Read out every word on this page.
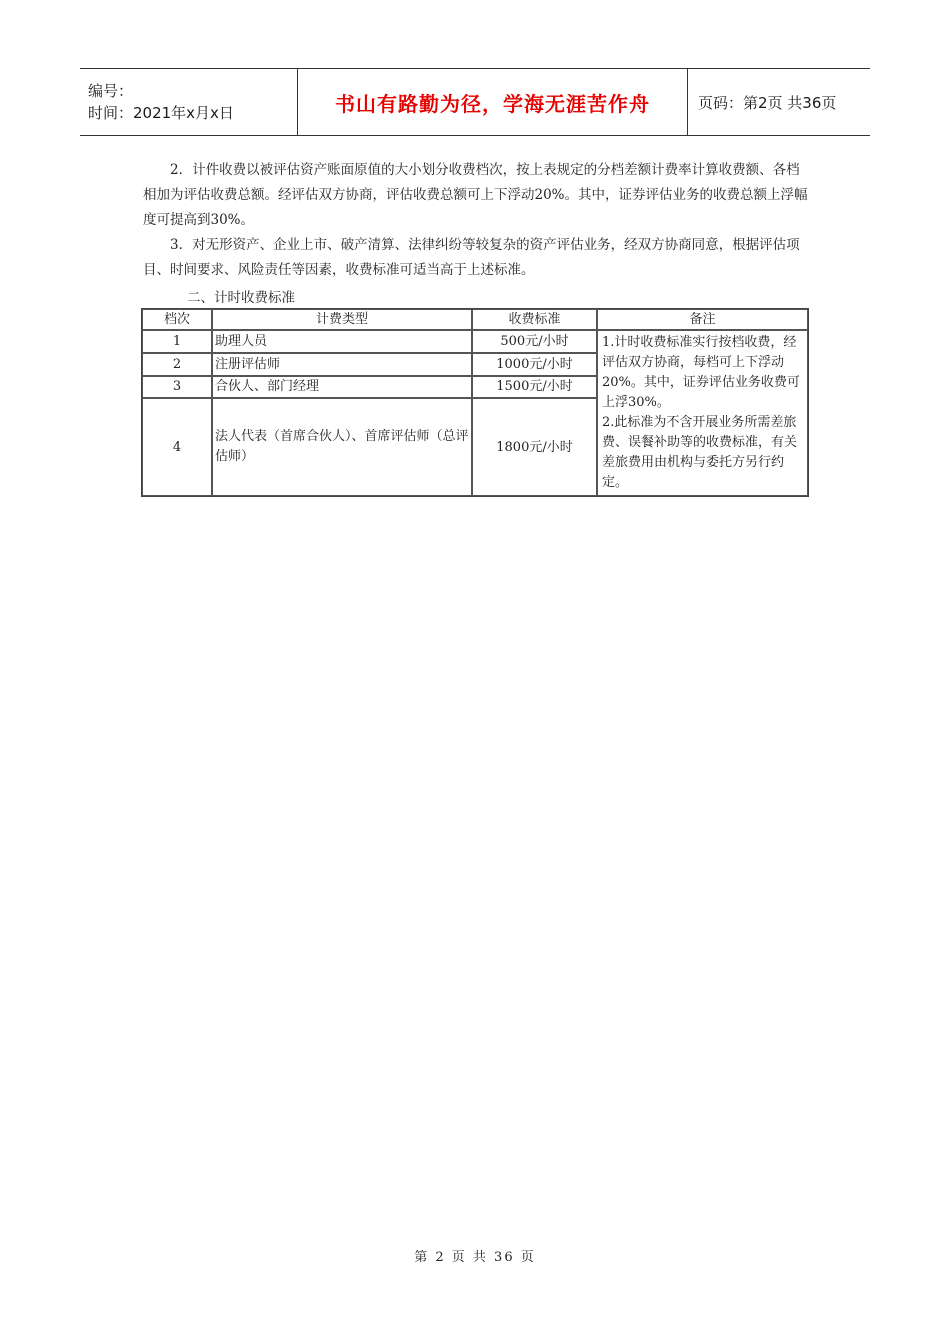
编号：
时间：2021年x月x日	书山有路勤为径，学海无涯苦作舟	页码：第2页 共36页

2．计件收费以被评估资产账面原值的大小划分收费档次，按上表规定的分档差额计费率计算收费额、各档相加为评估收费总额。经评估双方协商，评估收费总额可上下浮动20%。其中，证券评估业务的收费总额上浮幅度可提高到30%。

3．对无形资产、企业上市、破产清算、法律纠纷等较复杂的资产评估业务，经双方协商同意，根据评估项目、时间要求、风险责任等因素，收费标准可适当高于上述标准。

二、计时收费标准
档次	计费类型	收费标准	备注
1	助理人员	500元/小时	1.计时收费标准实行按档收费，经评估双方协商，每档可上下浮动20%。其中，证券评估业务收费可上浮30%。
2.此标准为不含开展业务所需差旅费、误餐补助等的收费标准，有关差旅费用由机构与委托方另行约定。

2	注册评估师	1000元/小时	
3	合伙人、部门经理	1500元/小时	
4	法人代表（首席合伙人）、首席评估师（总评估师）	1800元/小时	
第 2 页 共 36 页
